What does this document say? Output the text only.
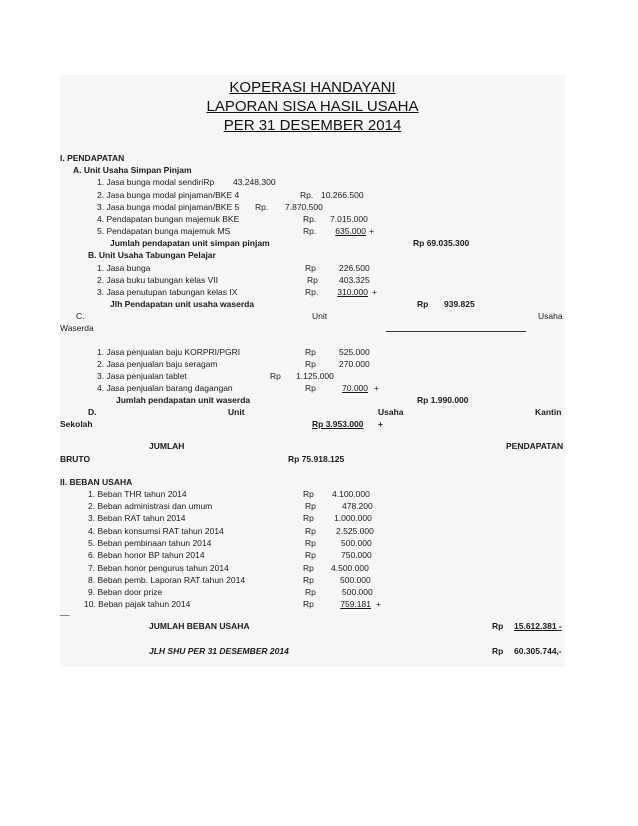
KOPERASI HANDAYANI
LAPORAN SISA HASIL USAHA
PER 31 DESEMBER 2014
I. PENDAPATAN
A. Unit Usaha Simpan Pinjam
1. Jasa bunga modal sendiriRp 43.248.300
2. Jasa bunga modal pinjaman/BKE 4	Rp. 10.266.500
3. Jasa bunga modal pinjaman/BKE 5 Rp. 7.870.500
4. Pendapatan bungan majemuk BKE	Rp. 7.015.000
5. Pendapatan bunga majemuk MS	Rp. 635.000 +
Jumlah pendapatan unit simpan pinjam	Rp 69.035.300
B. Unit Usaha Tabungan Pelajar
1. Jasa bunga	Rp	226.500
2. Jasa buku tabungan kelas VII	Rp 403.325
3. Jasa penutupan tabungan kelas IX	Rp. 310.000 +
Jlh Pendapatan unit usaha waserda	Rp 939.825
C.	Unit	Usaha
Waserda
1. Jasa penjualan baju KORPRI/PGRI	Rp	525.000
2. Jasa penjualan baju seragam	Rp	270.000
3. Jasa penjualan tablet	Rp 1.125.000
4. Jasa penjualan barang dagangan	Rp	70.000 +
Jumlah pendapatan unit waserda	Rp 1.990.000
D.	Unit	Usaha	Kantin
Sekolah	Rp 3.953.000 +
JUMLAH	PENDAPATAN
BRUTO	Rp 75.918.125
II. BEBAN USAHA
1. Beban THR tahun 2014	Rp 4.100.000
2. Beban administrasi dan umum	Rp	478.200
3. Beban RAT tahun 2014	Rp 1.000.000
4. Beban konsumsi RAT tahun 2014	Rp 2.525.000
5. Beban pembinaan tahun 2014	Rp	500.000
6. Beban honor BP tahun 2014	Rp	750.000
7. Beban honor pengurus tahun 2014	Rp 4.500.000
8. Beban pemb. Laporan RAT tahun 2014	Rp	500.000
9. Beban door prize	Rp	500.000
10. Beban pajak tahun 2014	Rp	759.181 +
__
JUMLAH BEBAN USAHA	Rp 15.612.381 -
JLH SHU PER 31 DESEMBER 2014	Rp 60.305.744,-
